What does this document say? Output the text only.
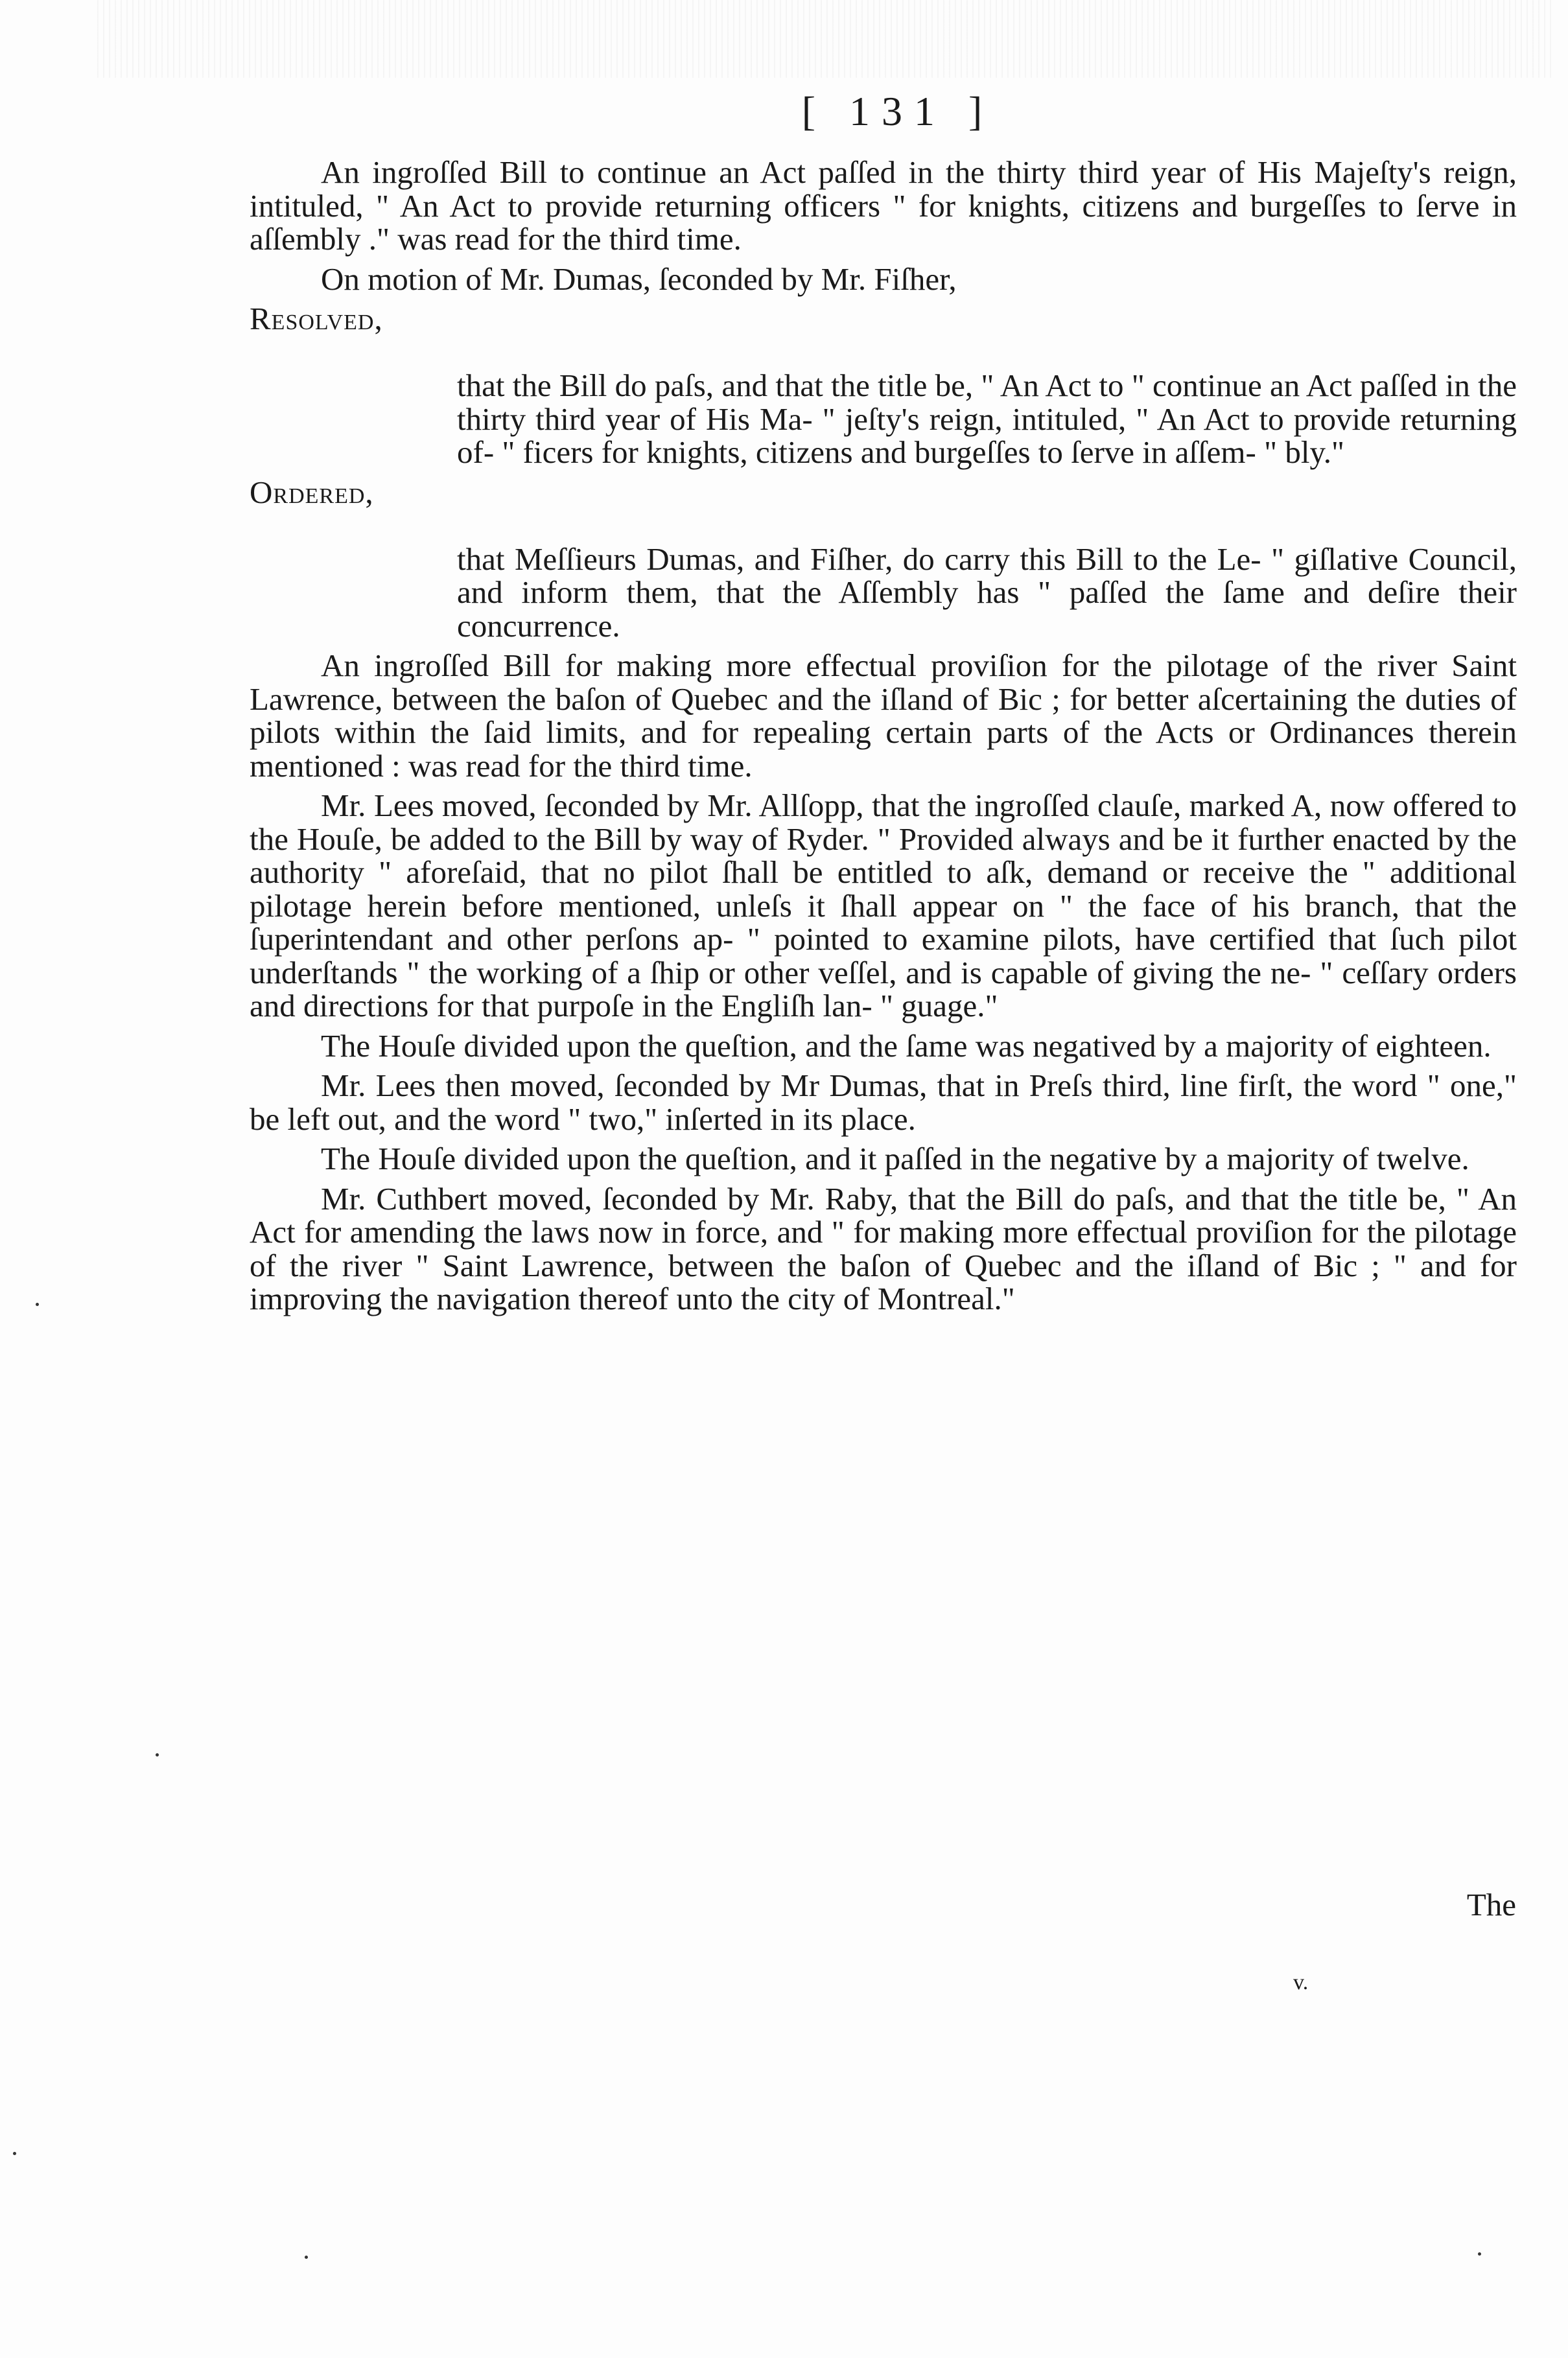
[ 131 ]

An ingroſſed Bill to continue an Act paſſed in the thirty third year of His Majeſty's reign, intituled, " An Act to provide returning officers " for knights, citizens and burgeſſes to ſerve in aſſembly ." was read for the third time.

On motion of Mr. Dumas, ſeconded by Mr. Fiſher,

Resolved,

that the Bill do paſs, and that the title be, " An Act to " continue an Act paſſed in the thirty third year of His Ma- " jeſty's reign, intituled, " An Act to provide returning of- " ficers for knights, citizens and burgeſſes to ſerve in aſſem- " bly."

Ordered,

that Meſſieurs Dumas, and Fiſher, do carry this Bill to the Le- " giſlative Council, and inform them, that the Aſſembly has " paſſed the ſame and deſire their concurrence.

An ingroſſed Bill for making more effectual proviſion for the pilotage of the river Saint Lawrence, between the baſon of Quebec and the iſland of Bic ; for better aſcertaining the duties of pilots within the ſaid limits, and for repealing certain parts of the Acts or Ordinances therein mentioned : was read for the third time.

Mr. Lees moved, ſeconded by Mr. Allſopp, that the ingroſſed clauſe, marked A, now offered to the Houſe, be added to the Bill by way of Ryder. " Provided always and be it further enacted by the authority " aforeſaid, that no pilot ſhall be entitled to aſk, demand or receive the " additional pilotage herein before mentioned, unleſs it ſhall appear on " the face of his branch, that the ſuperintendant and other perſons ap- " pointed to examine pilots, have certified that ſuch pilot underſtands " the working of a ſhip or other veſſel, and is capable of giving the ne- " ceſſary orders and directions for that purpoſe in the Engliſh lan- " guage."

The Houſe divided upon the queſtion, and the ſame was negatived by a majority of eighteen.

Mr. Lees then moved, ſeconded by Mr Dumas, that in Preſs third, line firſt, the word " one," be left out, and the word " two," inſerted in its place.

The Houſe divided upon the queſtion, and it paſſed in the negative by a majority of twelve.

Mr. Cuthbert moved, ſeconded by Mr. Raby, that the Bill do paſs, and that the title be, " An Act for amending the laws now in force, and " for making more effectual proviſion for the pilotage of the river " Saint Lawrence, between the baſon of Quebec and the iſland of Bic ; " and for improving the navigation thereof unto the city of Montreal."

The
v.
